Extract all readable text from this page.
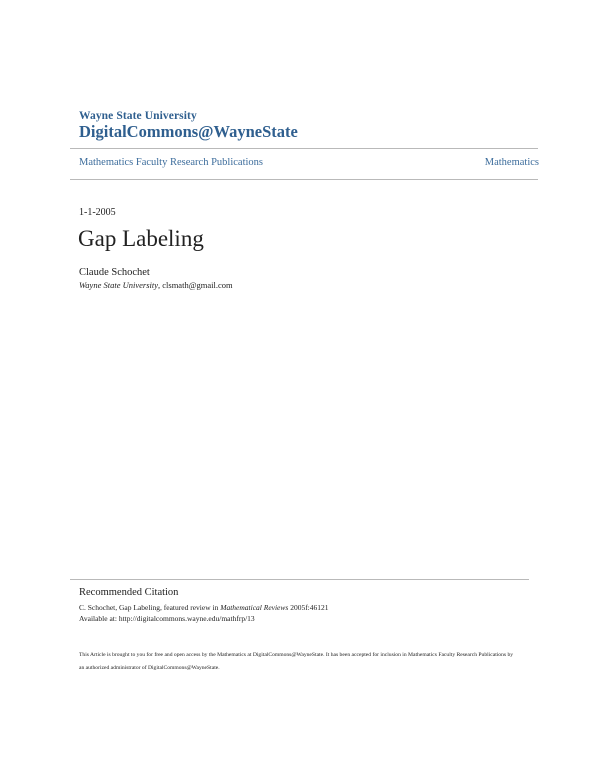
Wayne State University
DigitalCommons@WayneState
Mathematics Faculty Research Publications	Mathematics
1-1-2005
Gap Labeling
Claude Schochet
Wayne State University, clsmath@gmail.com
Recommended Citation
C. Schochet, Gap Labeling, featured review in Mathematical Reviews 2005f:46121
Available at: http://digitalcommons.wayne.edu/mathfrp/13
This Article is brought to you for free and open access by the Mathematics at DigitalCommons@WayneState. It has been accepted for inclusion in Mathematics Faculty Research Publications by an authorized administrator of DigitalCommons@WayneState.
